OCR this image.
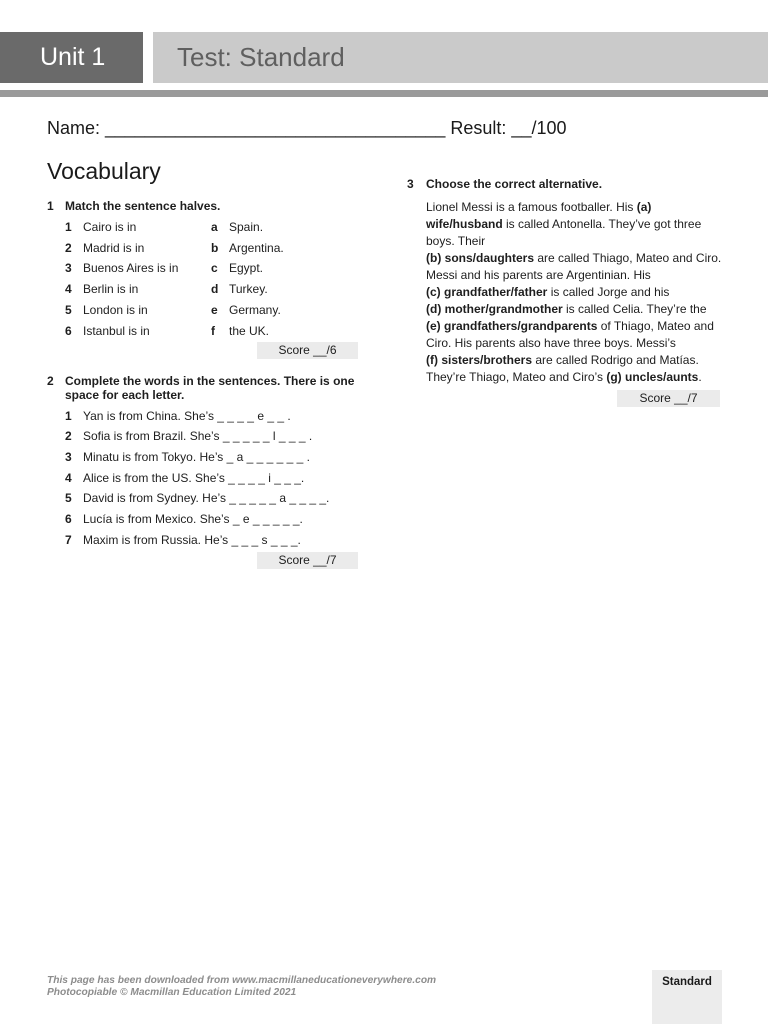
Unit 1	Test: Standard
Name: __________________________________ Result: __/100
Vocabulary
1 Match the sentence halves.
1 Cairo is in	a Spain.
2 Madrid is in	b Argentina.
3 Buenos Aires is in	c Egypt.
4 Berlin is in	d Turkey.
5 London is in	e Germany.
6 Istanbul is in	f	the UK.
Score __/6
2 Complete the words in the sentences. There is one space for each letter.
1 Yan is from China. She’s _ _ _ _ e _ _ .
2 Sofia is from Brazil. She’s _ _ _ _ _ l _ _ _ .
3 Minatu is from Tokyo. He’s _ a _ _ _ _ _ _ .
4 Alice is from the US. She’s _ _ _ _ i _ _ _.
5 David is from Sydney. He’s _ _ _ _ _ a _ _ _ _.
6 Lucía is from Mexico. She’s _ e _ _ _ _ _.
7 Maxim is from Russia. He’s _ _ _ s _ _ _.
Score __/7
3	Choose the correct alternative.
Lionel Messi is a famous footballer. His (a)
wife/husband is called Antonella. They’ve got three
boys. Their
(b) sons/daughters are called Thiago, Mateo and Ciro.
Messi and his parents are Argentinian. His
(c) grandfather/father is called Jorge and his
(d) mother/grandmother is called Celia. They’re the
(e) grandfathers/grandparents of Thiago, Mateo and
Ciro. His parents also have three boys. Messi’s
(f) sisters/brothers are called Rodrigo and Matías.
They’re Thiago, Mateo and Ciro’s (g) uncles/aunts.
Score __/7
This page has been downloaded from www.macmillaneducationeverywhere.com
Photocopiable © Macmillan Education Limited 2021
Standard
